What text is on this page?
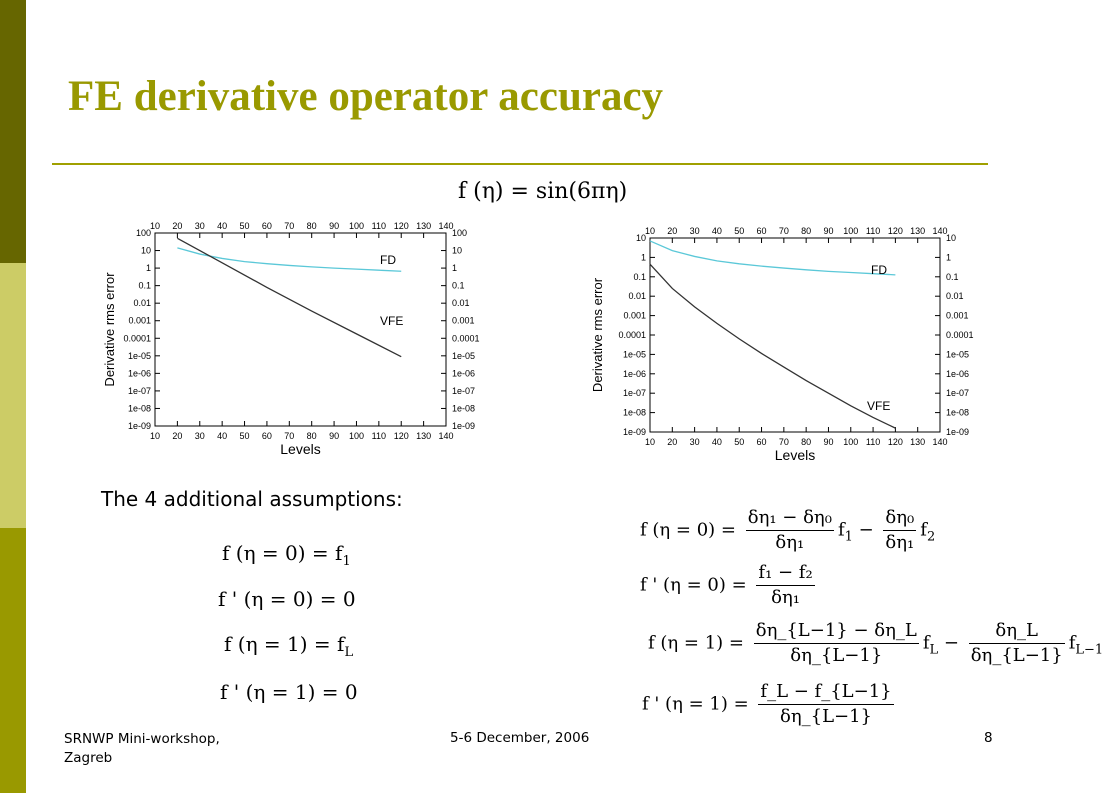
FE derivative operator accuracy
f (η) = sin(6πη)
10
10
20
20
30
30
40
40
50
50
60
60
70
70
80
80
90
90
100
100
110
110
120
120
130
130
140
140
100	100
10	10
1	1
0.1	0.1
0.01	0.01
0.001	0.001
0.0001	0.0001
1e-05	1e-05
1e-06	1e-06
1e-07	1e-07
1e-08	1e-08
1e-09	1e-09
Levels
Derivative rms error
FD
VFE
10
10
20
20
30
30
40
40
50
50
60
60
70
70
80
80
90
90
100
100
110
110
120
120
130
130
140
140
10	10
1	1
0.1	0.1
0.01	0.01
0.001	0.001
0.0001	0.0001
1e-05	1e-05
1e-06	1e-06
1e-07	1e-07
1e-08	1e-08
1e-09	1e-09
Levels
Derivative rms error
FD
VFE
The 4 additional assumptions:
f $(\eta = 0) = f_1$
f ' (η = 0) = 0
f $(\eta = 1) = f_L$
f ' (η = 1) = 0
f $(\eta = 0) = \frac{\text{δη₁ − δη₀}}{\text{δη₁}} f_1 - \frac{\text{δη₀}}{\text{δη₁}} f_2$
f ' $(\eta = 0) = \frac{\text{f₁ − f₂}}{\text{δη₁}}$
f $(\eta = 1) = \frac{\delta\eta\_\{L-1\} - \delta\eta\_L}{\delta\eta\_\{L-1\}} f_L - \frac{\delta\eta\_L}{\delta\eta\_\{L-1\}} f_{L-1}$
f ' $(\eta = 1) = \frac{f\_L - f\_\{L-1\}}{\delta\eta\_\{L-1\}}$
SRNWP Mini-workshop,
Zagreb
5-6 December, 2006	8
